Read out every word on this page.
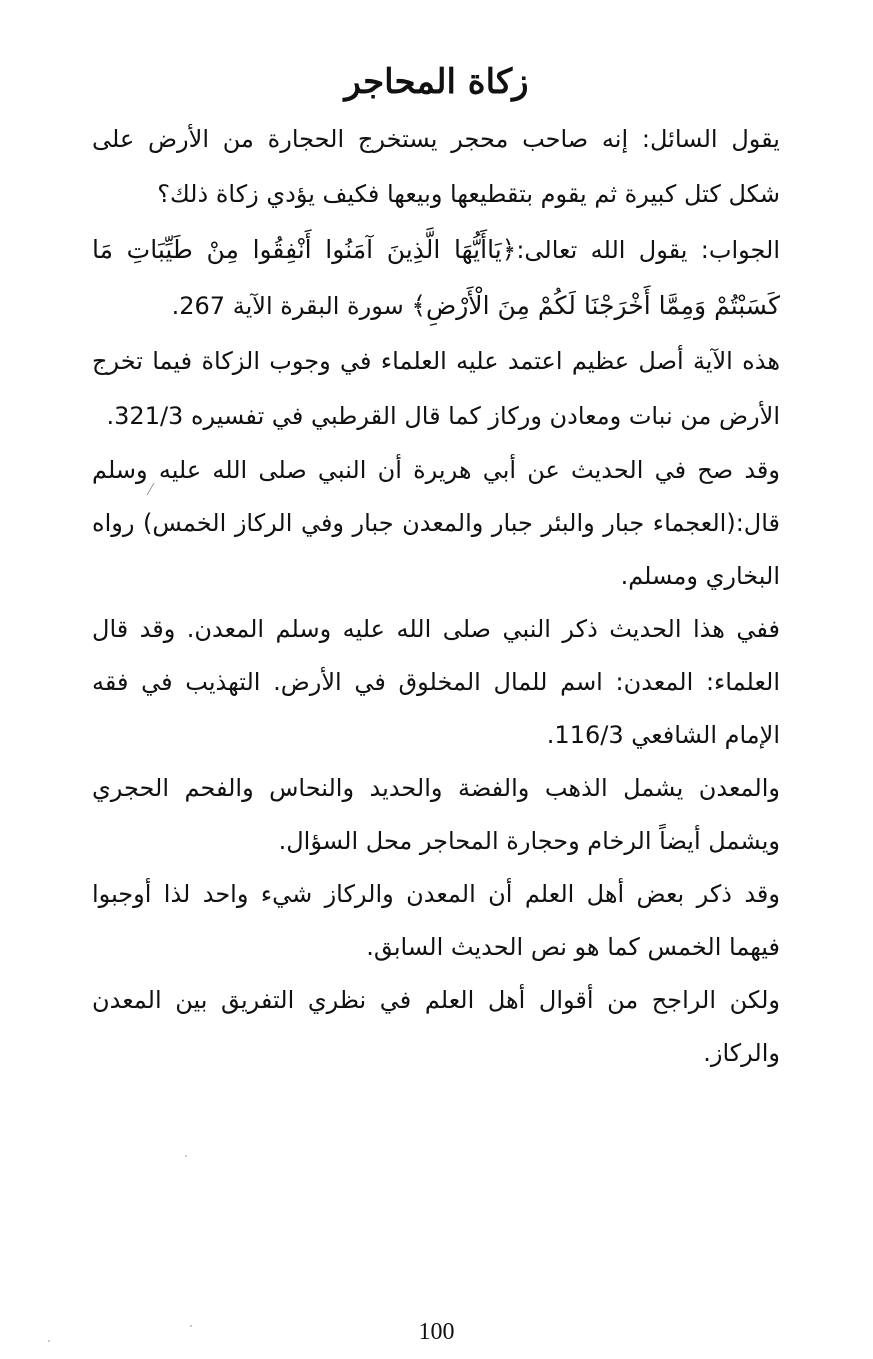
زكاة المحاجر

يقول السائل: إنه صاحب محجر يستخرج الحجارة من الأرض على شكل كتل كبيرة ثم يقوم بتقطيعها وبيعها فكيف يؤدي زكاة ذلك؟

الجواب: يقول الله تعالى:﴿يَاأَيُّهَا الَّذِينَ آمَنُوا أَنْفِقُوا مِنْ طَيِّبَاتِ مَا كَسَبْتُمْ وَمِمَّا أَخْرَجْنَا لَكُمْ مِنَ الْأَرْضِ﴾ سورة البقرة الآية 267.

هذه الآية أصل عظيم اعتمد عليه العلماء في وجوب الزكاة فيما تخرج الأرض من نبات ومعادن وركاز كما قال القرطبي في تفسيره 321/3.

وقد صح في الحديث عن أبي هريرة أن النبي صلى الله عليه وسلم قال:(العجماء جبار والبئر جبار والمعدن جبار وفي الركاز الخمس) رواه البخاري ومسلم.

ففي هذا الحديث ذكر النبي صلى الله عليه وسلم المعدن. وقد قال العلماء: المعدن: اسم للمال المخلوق في الأرض. التهذيب في فقه الإمام الشافعي 116/3.

والمعدن يشمل الذهب والفضة والحديد والنحاس والفحم الحجري ويشمل أيضاً الرخام وحجارة المحاجر محل السؤال.

وقد ذكر بعض أهل العلم أن المعدن والركاز شيء واحد لذا أوجبوا فيهما الخمس كما هو نص الحديث السابق.

ولكن الراجح من أقوال أهل العلم في نظري التفريق بين المعدن والركاز.

100
